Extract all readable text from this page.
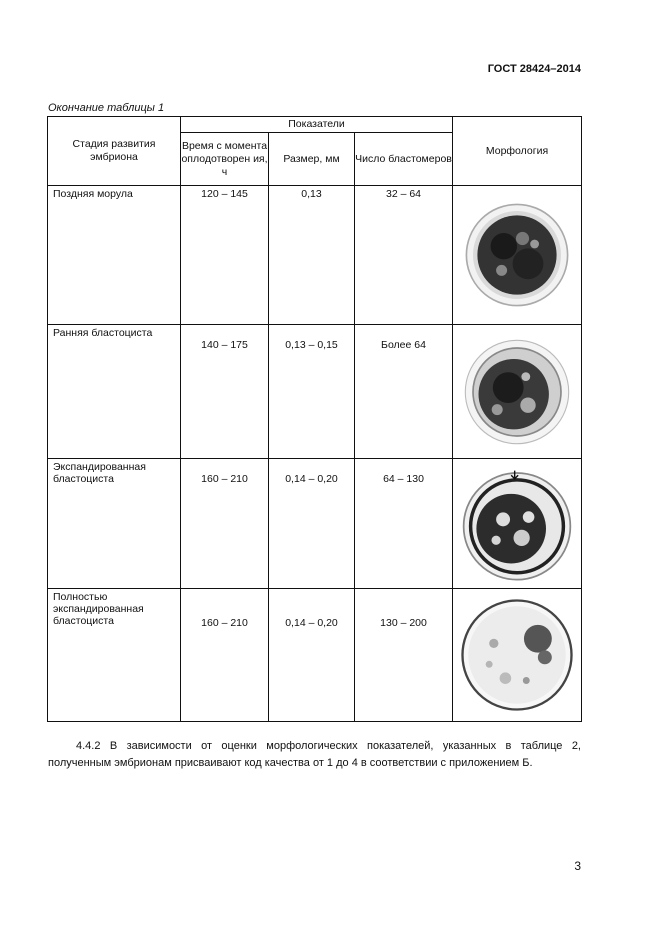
ГОСТ 28424–2014
Окончание таблицы 1
Стадия развития эмбриона	Показатели			Морфология
	Время с момента оплодотворен ия, ч	Размер, мм	Число бластомеров	
Поздняя морула	120 – 145	0,13	32 – 64	

Ранняя бластоциста	140 – 175	0,13 – 0,15	Более 64	

Экспандированная бластоциста	160 – 210	0,14 – 0,20	64 – 130	

Полностью экспандированная бластоциста	160 – 210	0,14 – 0,20	130 – 200	

4.4.2 В зависимости от оценки морфологических показателей, указанных в таблице 2, полученным эмбрионам присваивают код качества от 1 до 4 в соответствии с приложением Б.

3
